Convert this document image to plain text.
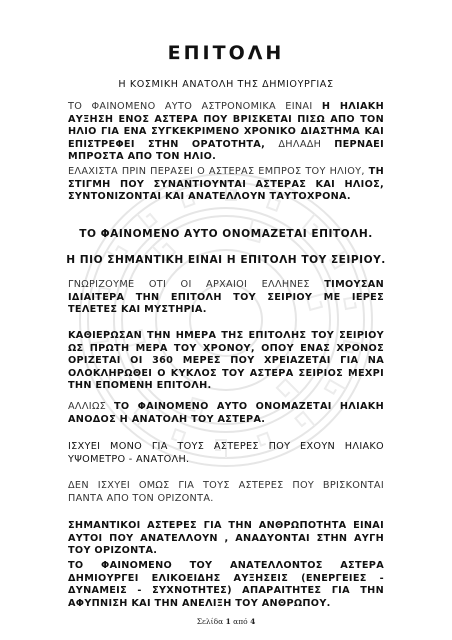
ΕΠΙΤΟΛΗ
Η ΚΟΣΜΙΚΗ ΑΝΑΤΟΛΗ ΤΗΣ ΔΗΜΙΟΥΡΓΙΑΣ

ΤΟ ΦΑΙΝΟΜΕΝΟ ΑΥΤΟ ΑΣΤΡΟΝΟΜΙΚΑ ΕΙΝΑΙ Η ΗΛΙΑΚΗ ΑΥΞΗΣΗ ΕΝΟΣ ΑΣΤΕΡΑ ΠΟΥ ΒΡΙΣΚΕΤΑΙ ΠΙΣΩ ΑΠΟ ΤΟΝ ΗΛΙΟ ΓΙΑ ΕΝΑ ΣΥΓΚΕΚΡΙΜΕΝΟ ΧΡΟΝΙΚΟ ΔΙΑΣΤΗΜΑ ΚΑΙ ΕΠΙΣΤΡΕΦΕΙ ΣΤΗΝ ΟΡΑΤΟΤΗΤΑ, ΔΗΛΑΔΗ ΠΕΡΝΑΕΙ ΜΠΡΟΣΤΑ ΑΠΟ ΤΟΝ ΗΛΙΟ.

ΕΛΑΧΙΣΤΑ ΠΡΙΝ ΠΕΡΑΣΕΙ Ο ΑΣΤΕΡΑΣ ΕΜΠΡΟΣ ΤΟΥ ΗΛΙΟΥ, ΤΗ ΣΤΙΓΜΗ ΠΟΥ ΣΥΝΑΝΤΙΟΥΝΤΑΙ ΑΣΤΕΡΑΣ ΚΑΙ ΗΛΙΟΣ, ΣΥΝΤΟΝΙΖΟΝΤΑΙ ΚΑΙ ΑΝΑΤΕΛΛΟΥΝ ΤΑΥΤΟΧΡΟΝΑ.

ΤΟ ΦΑΙΝΟΜΕΝΟ ΑΥΤΟ ΟΝΟΜΑΖΕΤΑΙ ΕΠΙΤΟΛΗ.
Η ΠΙΟ ΣΗΜΑΝΤΙΚΗ ΕΙΝΑΙ Η ΕΠΙΤΟΛΗ ΤΟΥ ΣΕΙΡΙΟΥ.

ΓΝΩΡΙΖΟΥΜΕ ΟΤΙ ΟΙ ΑΡΧΑΙΟΙ ΕΛΛΗΝΕΣ ΤΙΜΟΥΣΑΝ ΙΔΙΑΙΤΕΡΑ ΤΗΝ ΕΠΙΤΟΛΗ ΤΟΥ ΣΕΙΡΙΟΥ ΜΕ ΙΕΡΕΣ ΤΕΛΕΤΕΣ ΚΑΙ ΜΥΣΤΗΡΙΑ.

ΚΑΘΙΕΡΩΣΑΝ ΤΗΝ ΗΜΕΡΑ ΤΗΣ ΕΠΙΤΟΛΗΣ ΤΟΥ ΣΕΙΡΙΟΥ ΩΣ ΠΡΩΤΗ ΜΕΡΑ ΤΟΥ ΧΡΟΝΟΥ, ΟΠΟΥ ΕΝΑΣ ΧΡΟΝΟΣ ΟΡΙΖΕΤΑΙ ΟΙ 360 ΜΕΡΕΣ ΠΟΥ ΧΡΕΙΑΖΕΤΑΙ ΓΙΑ ΝΑ ΟΛΟΚΛΗΡΩΘΕΙ Ο ΚΥΚΛΟΣ ΤΟΥ ΑΣΤΕΡΑ ΣΕΙΡΙΟΣ ΜΕΧΡΙ ΤΗΝ ΕΠΟΜΕΝΗ ΕΠΙΤΟΛΗ.

ΑΛΛΙΩΣ ΤΟ ΦΑΙΝΟΜΕΝΟ ΑΥΤΟ ΟΝΟΜΑΖΕΤΑΙ ΗΛΙΑΚΗ ΑΝΟΔΟΣ Η ΑΝΑΤΟΛΗ ΤΟΥ ΑΣΤΕΡΑ.

ΙΣΧΥΕΙ ΜΟΝΟ ΓΙΑ ΤΟΥΣ ΑΣΤΕΡΕΣ ΠΟΥ ΕΧΟΥΝ ΗΛΙΑΚΟ ΥΨΟΜΕΤΡΟ - ΑΝΑΤΟΛΗ.

ΔΕΝ ΙΣΧΥΕΙ ΟΜΩΣ ΓΙΑ ΤΟΥΣ ΑΣΤΕΡΕΣ ΠΟΥ ΒΡΙΣΚΟΝΤΑΙ ΠΑΝΤΑ ΑΠΟ ΤΟΝ ΟΡΙΖΟΝΤΑ.

ΣΗΜΑΝΤΙΚΟΙ ΑΣΤΕΡΕΣ ΓΙΑ ΤΗΝ ΑΝΘΡΩΠΟΤΗΤΑ ΕΙΝΑΙ ΑΥΤΟΙ ΠΟΥ ΑΝΑΤΕΛΛΟΥΝ , ΑΝΑΔΥΟΝΤΑΙ ΣΤΗΝ ΑΥΓΗ ΤΟΥ ΟΡΙΖΟΝΤΑ.

ΤΟ ΦΑΙΝΟΜΕΝΟ ΤΟΥ ΑΝΑΤΕΛΛΟΝΤΟΣ ΑΣΤΕΡΑ ΔΗΜΙΟΥΡΓΕΙ ΕΛΙΚΟΕΙΔΗΣ ΑΥΞΗΣΕΙΣ (ΕΝΕΡΓΕΙΕΣ - ΔΥΝΑΜΕΙΣ - ΣΥΧΝΟΤΗΤΕΣ) ΑΠΑΡΑΙΤΗΤΕΣ ΓΙΑ ΤΗΝ ΑΦΥΠΝΙΣΗ ΚΑΙ ΤΗΝ ΑΝΕΛΙΞΗ ΤΟΥ ΑΝΘΡΩΠΟΥ.

Σελίδα 1 από 4
